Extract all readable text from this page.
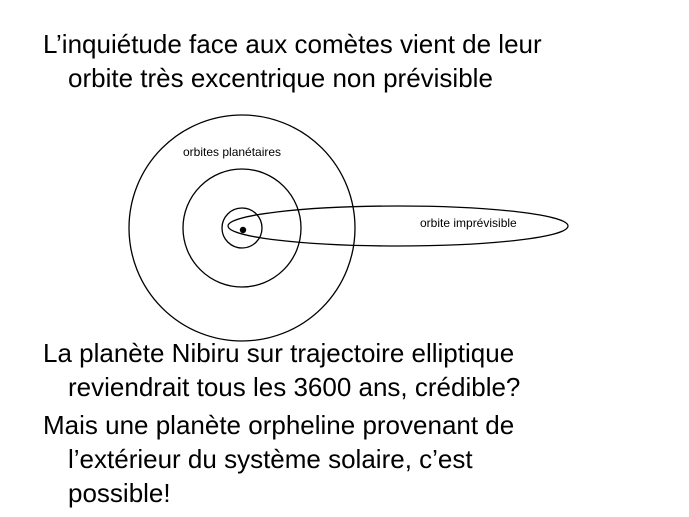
L’inquiétude face aux comètes vient de leur
orbite très excentrique non prévisible
orbites planétaires
orbite imprévisible
La planète Nibiru sur trajectoire elliptique
reviendrait tous les 3600 ans, crédible?
Mais une planète orpheline provenant de
l’extérieur du système solaire, c’est
possible!
